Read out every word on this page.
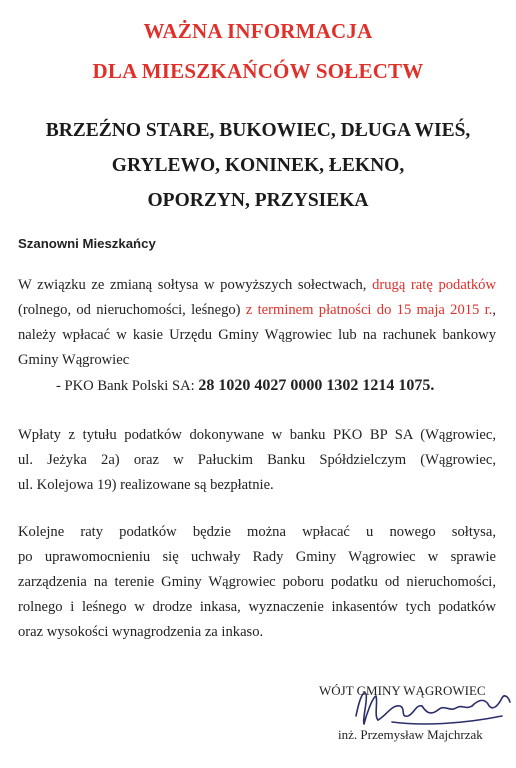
WAŻNA INFORMACJA
DLA MIESZKAŃCÓW SOŁECTW
BRZEŹNO STARE, BUKOWIEC, DŁUGA WIEŚ,
GRYLEWO, KONINEK, ŁEKNO,
OPORZYN, PRZYSIEKA
Szanowni Mieszkańcy
W związku ze zmianą sołtysa w powyższych sołectwach, drugą ratę podatków
(rolnego, od nieruchomości, leśnego) z terminem płatności do 15 maja 2015 r.,
należy wpłacać w kasie Urzędu Gminy Wągrowiec lub na rachunek bankowy
Gminy Wągrowiec
- PKO Bank Polski SA: 28 1020 4027 0000 1302 1214 1075.
Wpłaty z tytułu podatków dokonywane w banku PKO BP SA (Wągrowiec,
ul. Jeżyka 2a) oraz w Pałuckim Banku Spółdzielczym (Wągrowiec,
ul. Kolejowa 19) realizowane są bezpłatnie.
Kolejne raty podatków będzie można wpłacać u nowego sołtysa,
po uprawomocnieniu się uchwały Rady Gminy Wągrowiec w sprawie
zarządzenia na terenie Gminy Wągrowiec poboru podatku od nieruchomości,
rolnego i leśnego w drodze inkasa, wyznaczenie inkasentów tych podatków
oraz wysokości wynagrodzenia za inkaso.
WÓJT GMINY WĄGROWIEC
inż. Przemysław Majchrzak
